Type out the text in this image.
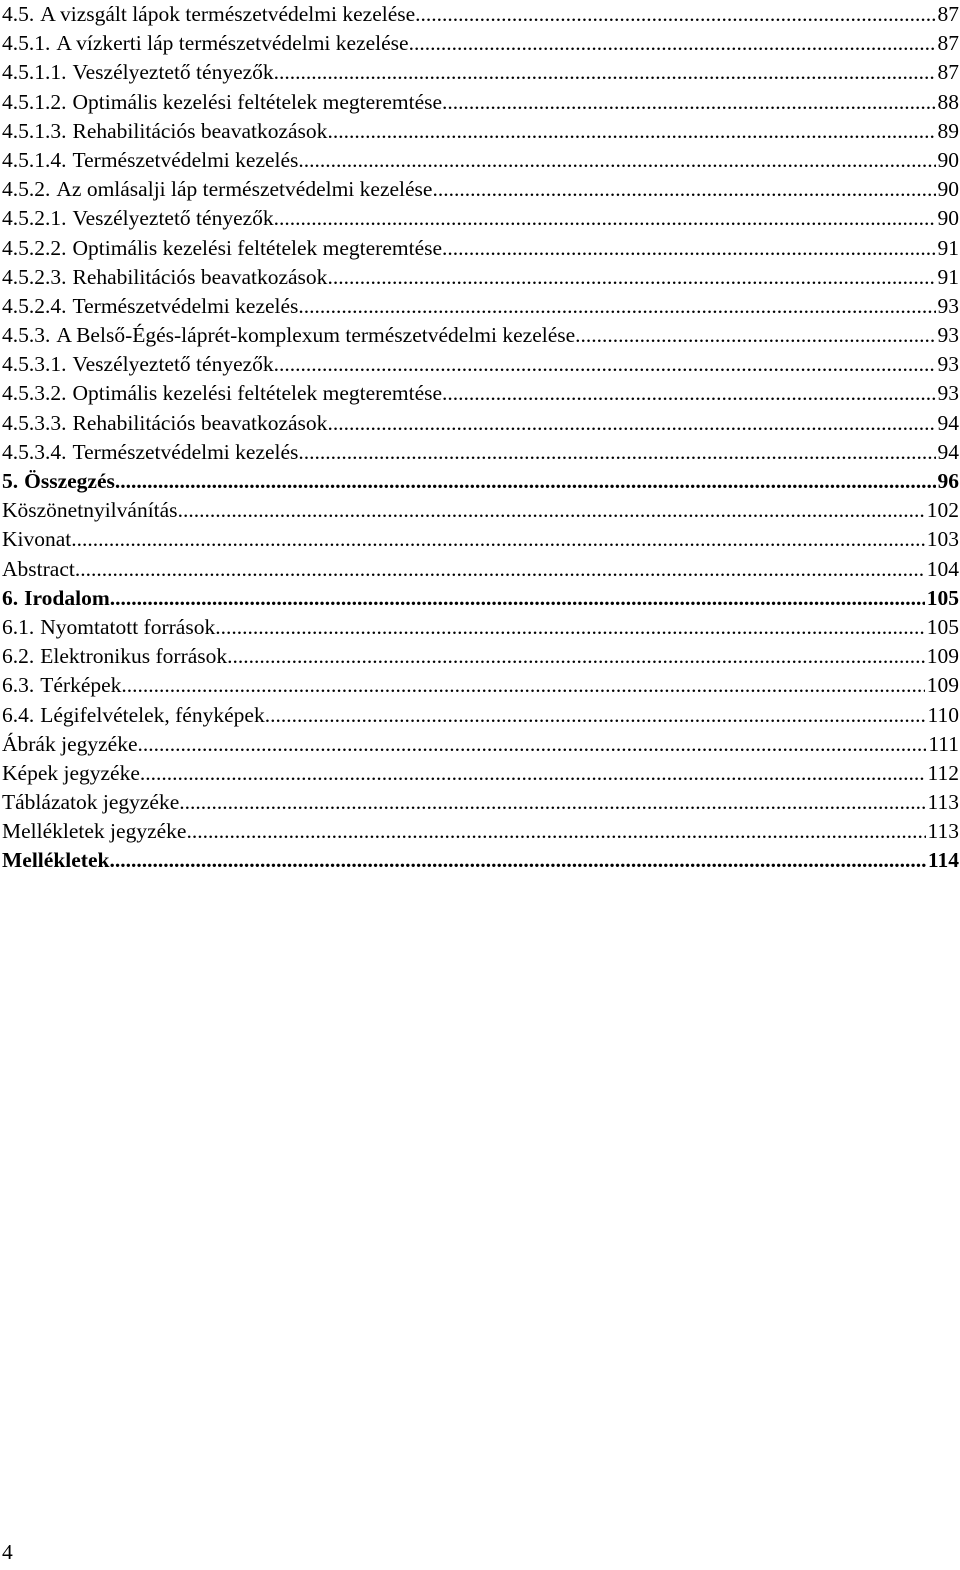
4.5. A vizsgált lápok természetvédelmi kezelése .....	87
4.5.1. A vízkerti láp természetvédelmi kezelése .....	87
4.5.1.1. Veszélyeztető tényezők .....	87
4.5.1.2. Optimális kezelési feltételek megteremtése .....	88
4.5.1.3. Rehabilitációs beavatkozások .....	89
4.5.1.4. Természetvédelmi kezelés .....	90
4.5.2. Az omlásalji láp természetvédelmi kezelése .....	90
4.5.2.1. Veszélyeztető tényezők .....	90
4.5.2.2. Optimális kezelési feltételek megteremtése .....	91
4.5.2.3. Rehabilitációs beavatkozások .....	91
4.5.2.4. Természetvédelmi kezelés .....	93
4.5.3. A Belső-Égés-láprét-komplexum természetvédelmi kezelése .....	93
4.5.3.1. Veszélyeztető tényezők .....	93
4.5.3.2. Optimális kezelési feltételek megteremtése .....	93
4.5.3.3. Rehabilitációs beavatkozások .....	94
4.5.3.4. Természetvédelmi kezelés .....	94
5. Összegzés .....	96
Köszönetnyilvánítás .....	102
Kivonat .....	103
Abstract .....	104
6. Irodalom .....	105
6.1. Nyomtatott források .....	105
6.2. Elektronikus források .....	109
6.3. Térképek .....	109
6.4. Légifelvételek, fényképek .....	110
Ábrák jegyzéke .....	111
Képek jegyzéke .....	112
Táblázatok jegyzéke .....	113
Mellékletek jegyzéke .....	113
Mellékletek .....	114
4
